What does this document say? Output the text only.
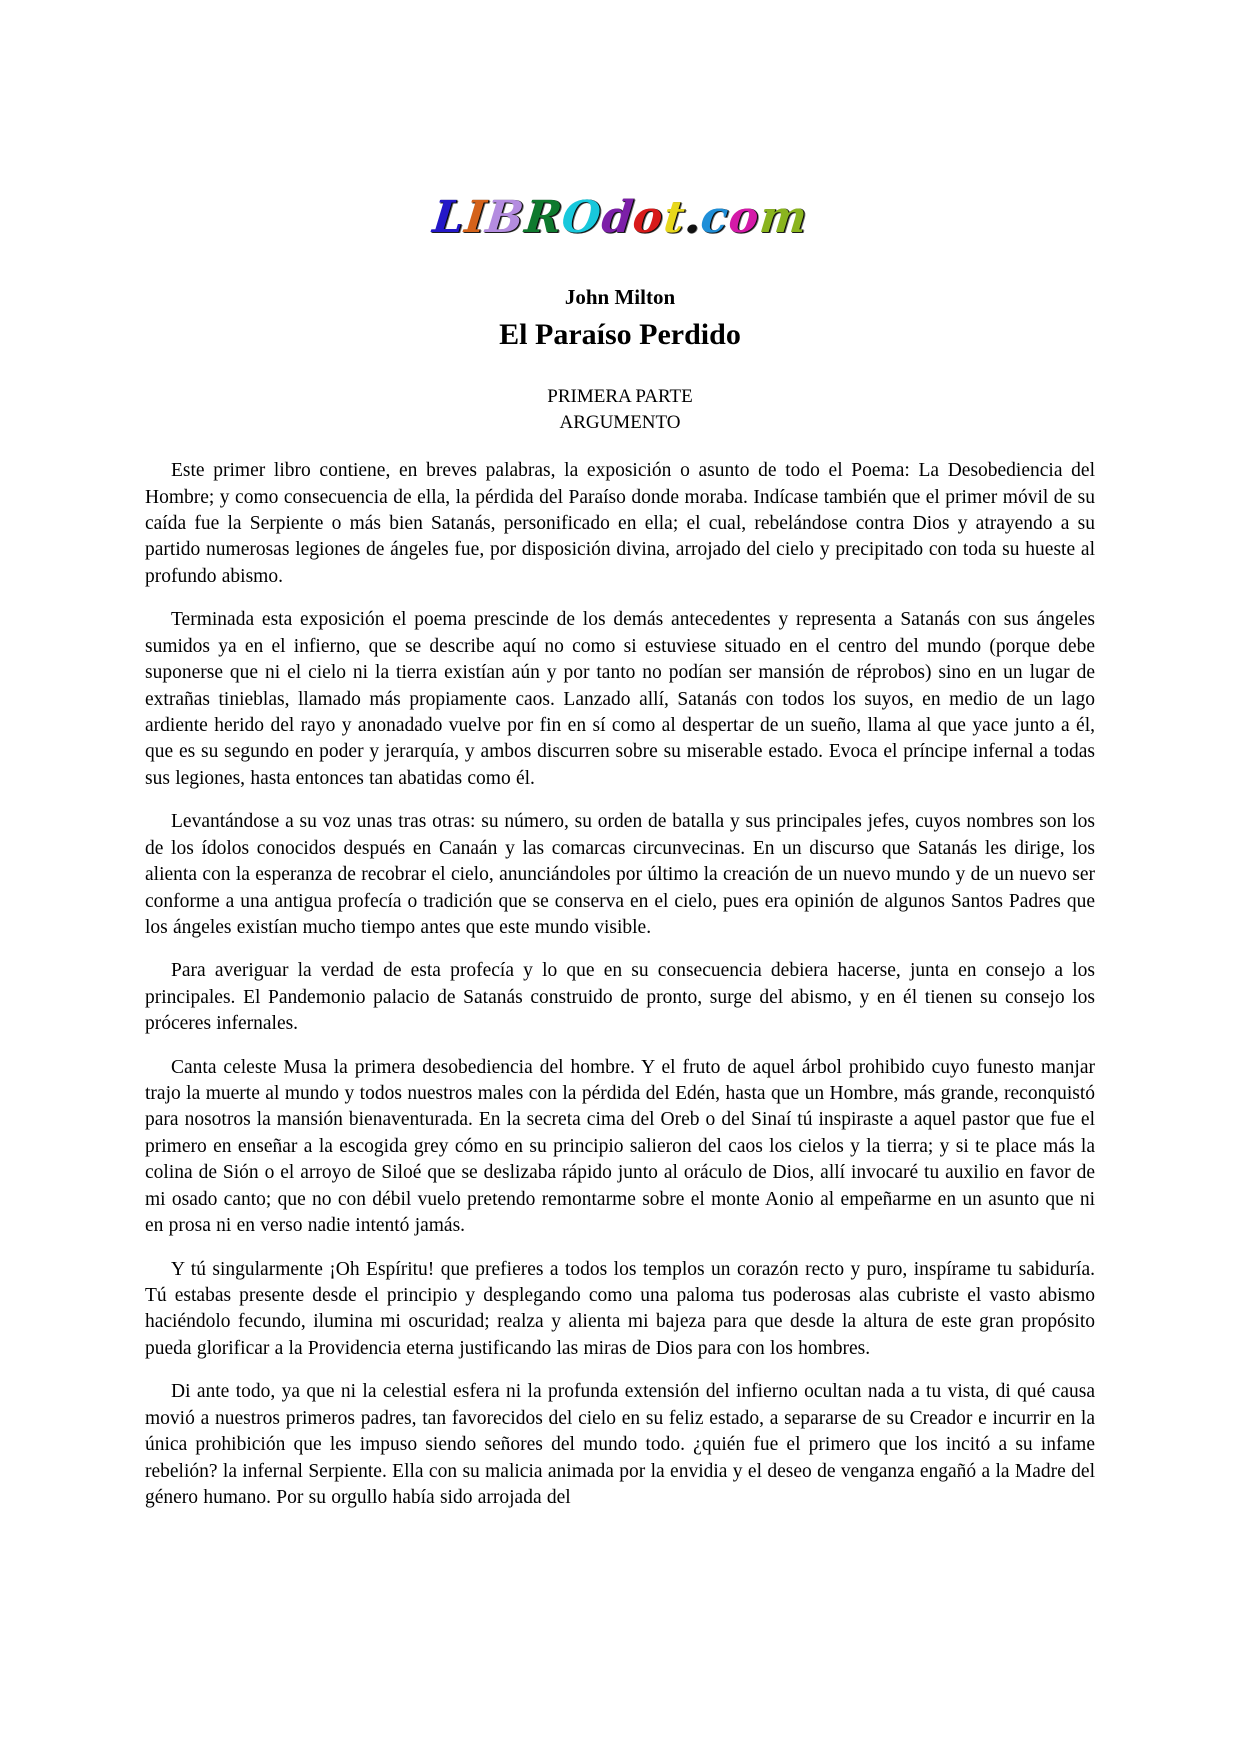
LIBROdot.com
John Milton
El Paraíso Perdido
PRIMERA PARTE
ARGUMENTO

Este primer libro contiene, en breves palabras, la exposición o asunto de todo el Poema: La Desobediencia del Hombre; y como consecuencia de ella, la pérdida del Paraíso donde moraba. Indícase también que el primer móvil de su caída fue la Serpiente o más bien Satanás, personificado en ella; el cual, rebelándose contra Dios y atrayendo a su partido numerosas legiones de ángeles fue, por disposición divina, arrojado del cielo y precipitado con toda su hueste al profundo abismo.

Terminada esta exposición el poema prescinde de los demás antecedentes y representa a Satanás con sus ángeles sumidos ya en el infierno, que se describe aquí no como si estuviese situado en el centro del mundo (porque debe suponerse que ni el cielo ni la tierra existían aún y por tanto no podían ser mansión de réprobos) sino en un lugar de extrañas tinieblas, llamado más propiamente caos. Lanzado allí, Satanás con todos los suyos, en medio de un lago ardiente herido del rayo y anonadado vuelve por fin en sí como al despertar de un sueño, llama al que yace junto a él, que es su segundo en poder y jerarquía, y ambos discurren sobre su miserable estado. Evoca el príncipe infernal a todas sus legiones, hasta entonces tan abatidas como él.

Levantándose a su voz unas tras otras: su número, su orden de batalla y sus principales jefes, cuyos nombres son los de los ídolos conocidos después en Canaán y las comarcas circunvecinas. En un discurso que Satanás les dirige, los alienta con la esperanza de recobrar el cielo, anunciándoles por último la creación de un nuevo mundo y de un nuevo ser conforme a una antigua profecía o tradición que se conserva en el cielo, pues era opinión de algunos Santos Padres que los ángeles existían mucho tiempo antes que este mundo visible.

Para averiguar la verdad de esta profecía y lo que en su consecuencia debiera hacerse, junta en consejo a los principales. El Pandemonio palacio de Satanás construido de pronto, surge del abismo, y en él tienen su consejo los próceres infernales.

Canta celeste Musa la primera desobediencia del hombre. Y el fruto de aquel árbol prohibido cuyo funesto manjar trajo la muerte al mundo y todos nuestros males con la pérdida del Edén, hasta que un Hombre, más grande, reconquistó para nosotros la mansión bienaventurada. En la secreta cima del Oreb o del Sinaí tú inspiraste a aquel pastor que fue el primero en enseñar a la escogida grey cómo en su principio salieron del caos los cielos y la tierra; y si te place más la colina de Sión o el arroyo de Siloé que se deslizaba rápido junto al oráculo de Dios, allí invocaré tu auxilio en favor de mi osado canto; que no con débil vuelo pretendo remontarme sobre el monte Aonio al empeñarme en un asunto que ni en prosa ni en verso nadie intentó jamás.

Y tú singularmente ¡Oh Espíritu! que prefieres a todos los templos un corazón recto y puro, inspírame tu sabiduría. Tú estabas presente desde el principio y desplegando como una paloma tus poderosas alas cubriste el vasto abismo haciéndolo fecundo, ilumina mi oscuridad; realza y alienta mi bajeza para que desde la altura de este gran propósito pueda glorificar a la Providencia eterna justificando las miras de Dios para con los hombres.

Di ante todo, ya que ni la celestial esfera ni la profunda extensión del infierno ocultan nada a tu vista, di qué causa movió a nuestros primeros padres, tan favorecidos del cielo en su feliz estado, a separarse de su Creador e incurrir en la única prohibición que les impuso siendo señores del mundo todo. ¿quién fue el primero que los incitó a su infame rebelión? la infernal Serpiente. Ella con su malicia animada por la envidia y el deseo de venganza engañó a la Madre del género humano. Por su orgullo había sido arrojada del
